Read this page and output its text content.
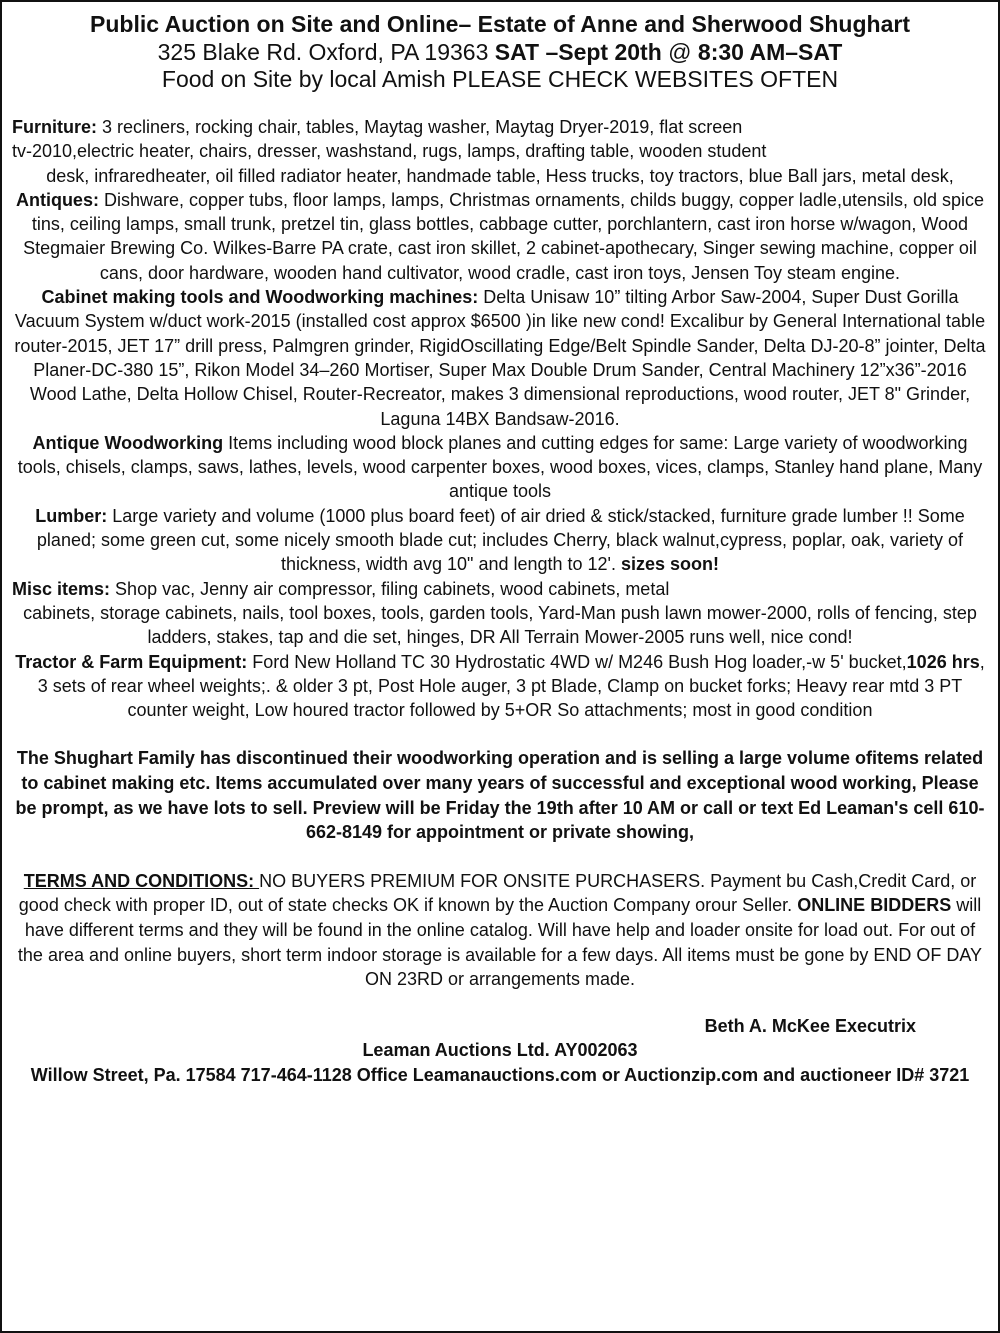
Public Auction on Site and Online– Estate of Anne and Sherwood Shughart
325 Blake Rd. Oxford, PA 19363 SAT –Sept 20th @ 8:30 AM–SAT
Food on Site by local Amish PLEASE CHECK WEBSITES OFTEN
Furniture: 3 recliners, rocking chair, tables, Maytag washer, Maytag Dryer-2019, flat screen
tv-2010,electric heater, chairs, dresser, washstand, rugs, lamps, drafting table, wooden student
desk, infraredheater, oil filled radiator heater, handmade table, Hess trucks, toy tractors, blue Ball jars, metal desk,
Antiques: Dishware, copper tubs, floor lamps, lamps, Christmas ornaments, childs buggy, copper ladle,utensils, old spice tins, ceiling lamps, small trunk, pretzel tin, glass bottles, cabbage cutter, porchlantern, cast iron horse w/wagon, Wood Stegmaier Brewing Co. Wilkes-Barre PA crate, cast iron skillet, 2 cabinet-apothecary, Singer sewing machine, copper oil cans, door hardware, wooden hand cultivator, wood cradle, cast iron toys, Jensen Toy steam engine.
Cabinet making tools and Woodworking machines: Delta Unisaw 10” tilting Arbor Saw-2004, Super Dust Gorilla Vacuum System w/duct work-2015 (installed cost approx $6500 )in like new cond! Excalibur by General International table router-2015, JET 17” drill press, Palmgren grinder, RigidOscillating Edge/Belt Spindle Sander, Delta DJ-20-8” jointer, Delta Planer-DC-380 15”, Rikon Model 34–260 Mortiser, Super Max Double Drum Sander, Central Machinery 12”x36”-2016 Wood Lathe, Delta Hollow Chisel, Router-Recreator, makes 3 dimensional reproductions, wood router, JET 8" Grinder, Laguna 14BX Bandsaw-2016.
Antique Woodworking Items including wood block planes and cutting edges for same: Large variety of woodworking tools, chisels, clamps, saws, lathes, levels, wood carpenter boxes, wood boxes, vices, clamps, Stanley hand plane, Many antique tools
Lumber: Large variety and volume (1000 plus board feet) of air dried & stick/stacked, furniture grade lumber !! Some planed; some green cut, some nicely smooth blade cut; includes Cherry, black walnut,cypress, poplar, oak, variety of thickness, width avg 10" and length to 12'. sizes soon!
Misc items: Shop vac, Jenny air compressor, filing cabinets, wood cabinets, metal
cabinets, storage cabinets, nails, tool boxes, tools, garden tools, Yard-Man push lawn mower-2000, rolls of fencing, step ladders, stakes, tap and die set, hinges, DR All Terrain Mower-2005 runs well, nice cond!
Tractor & Farm Equipment: Ford New Holland TC 30 Hydrostatic 4WD w/ M246 Bush Hog loader,-w 5' bucket,1026 hrs, 3 sets of rear wheel weights;. & older 3 pt, Post Hole auger, 3 pt Blade, Clamp on bucket forks; Heavy rear mtd 3 PT counter weight, Low houred tractor followed by 5+OR So attachments; most in good condition
The Shughart Family has discontinued their woodworking operation and is selling a large volume ofitems related to cabinet making etc. Items accumulated over many years of successful and exceptional wood working, Please be prompt, as we have lots to sell. Preview will be Friday the 19th after 10 AM or call or text Ed Leaman's cell 610-662-8149 for appointment or private showing,
TERMS AND CONDITIONS: NO BUYERS PREMIUM FOR ONSITE PURCHASERS. Payment bu Cash,Credit Card, or good check with proper ID, out of state checks OK if known by the Auction Company orour Seller. ONLINE BIDDERS will have different terms and they will be found in the online catalog. Will have help and loader onsite for load out. For out of the area and online buyers, short term indoor storage is available for a few days. All items must be gone by END OF DAY ON 23RD or arrangements made.
Beth A. McKee Executrix
Leaman Auctions Ltd. AY002063
Willow Street, Pa. 17584 717-464-1128 Office Leamanauctions.com or Auctionzip.com and auctioneer ID# 3721
